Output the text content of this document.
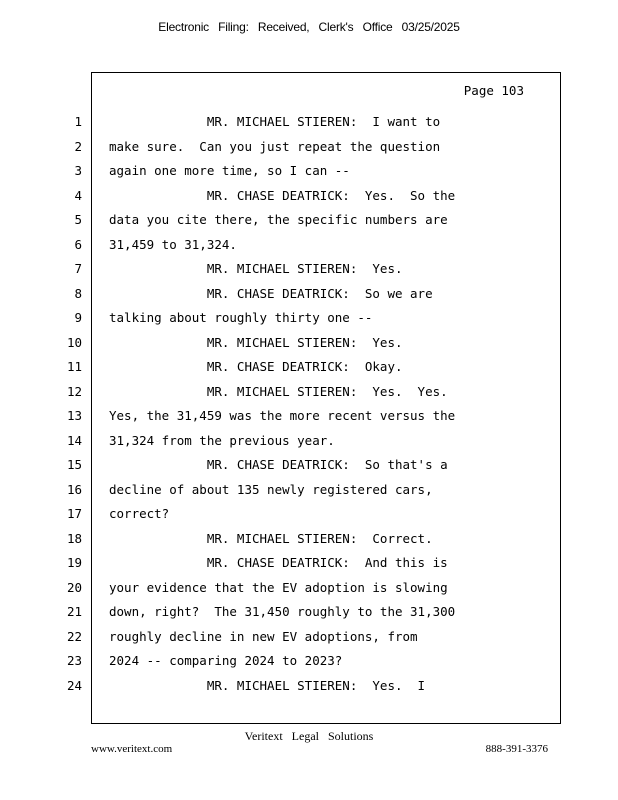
Electronic Filing: Received, Clerk's Office 03/25/2025
Page 103
1 MR. MICHAEL STIEREN:  I want to
2 make sure.  Can you just repeat the question
3 again one more time, so I can --
4 MR. CHASE DEATRICK:  Yes.  So the
5 data you cite there, the specific numbers are
6 31,459 to 31,324.
7 MR. MICHAEL STIEREN:  Yes.
8 MR. CHASE DEATRICK:  So we are
9 talking about roughly thirty one --
10 MR. MICHAEL STIEREN:  Yes.
11 MR. CHASE DEATRICK:  Okay.
12 MR. MICHAEL STIEREN:  Yes.  Yes.
13 Yes, the 31,459 was the more recent versus the
14 31,324 from the previous year.
15 MR. CHASE DEATRICK:  So that's a
16 decline of about 135 newly registered cars,
17 correct?
18 MR. MICHAEL STIEREN:  Correct.
19 MR. CHASE DEATRICK:  And this is
20 your evidence that the EV adoption is slowing
21 down, right?  The 31,450 roughly to the 31,300
22 roughly decline in new EV adoptions, from
23 2024 -- comparing 2024 to 2023?
24 MR. MICHAEL STIEREN:  Yes.  I
Veritext Legal Solutions
www.veritext.com	888-391-3376
